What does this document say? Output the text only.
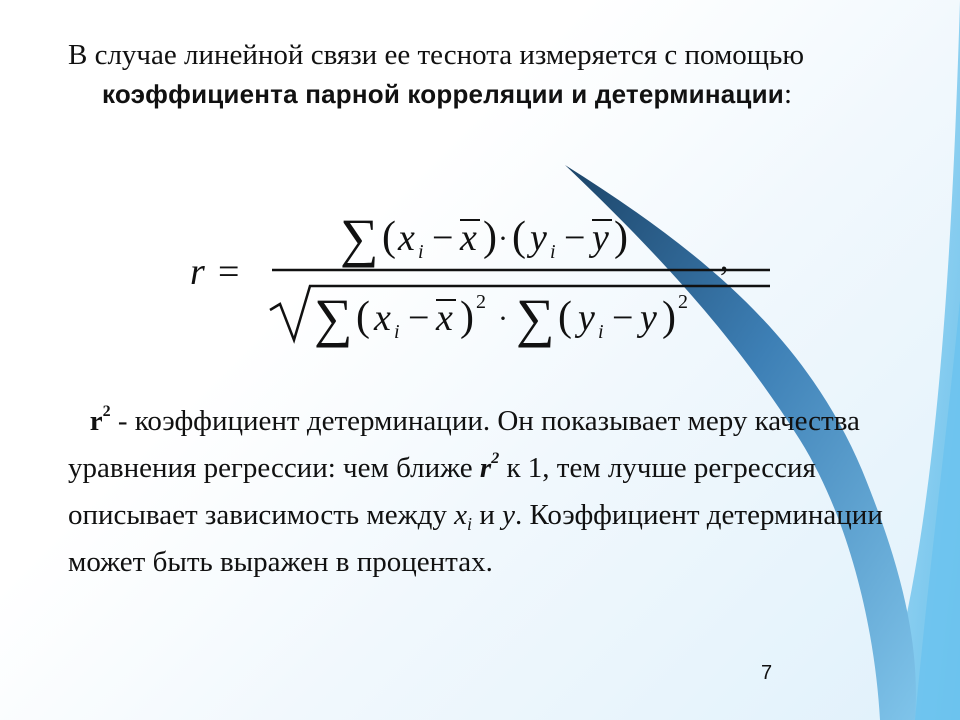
В случае линейной связи ее теснота измеряется с помощью коэффициента парной корреляции и детерминации:

r =
∑ ( x i − x ) · ( y i − y )	,
∑ ( x i − x ) 2 · ∑ ( y i − y ) 2

$r^2$ - коэффициент детерминации. Он показывает меру качества уравнения регрессии: чем ближе $r^2$ к 1, тем лучше регрессия описывает зависимость между $x_i$ и y. Коэффициент детерминации может быть выражен в процентах.

7
